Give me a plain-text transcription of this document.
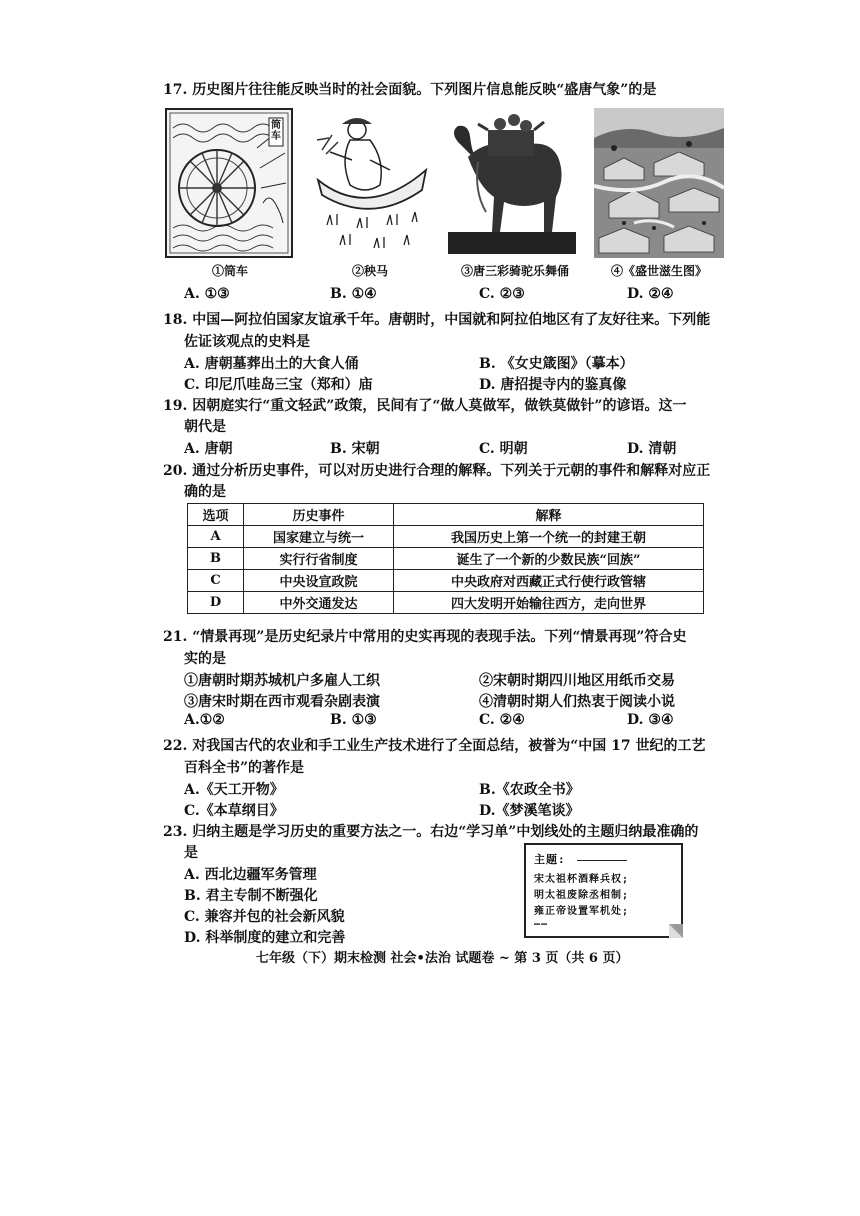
17. 历史图片往往能反映当时的社会面貌。下列图片信息能反映“盛唐气象”的是
筒车
①筒车	②秧马	③唐三彩骑驼乐舞俑	④《盛世滋生图》
A. ①③	B. ①④	C. ②③	D. ②④
18. 中国—阿拉伯国家友谊承千年。唐朝时，中国就和阿拉伯地区有了友好往来。下列能
佐证该观点的史料是
A. 唐朝墓葬出土的大食人俑	B. 《女史箴图》（摹本）
C. 印尼爪哇岛三宝（郑和）庙	D. 唐招提寺内的鉴真像
19. 因朝庭实行“重文轻武”政策，民间有了“做人莫做军，做铁莫做针”的谚语。这一
朝代是
A. 唐朝	B. 宋朝	C. 明朝	D. 清朝
20. 通过分析历史事件，可以对历史进行合理的解释。下列关于元朝的事件和解释对应正
确的是
选项	历史事件	解释
A	国家建立与统一	我国历史上第一个统一的封建王朝
B	实行行省制度	诞生了一个新的少数民族“回族”
C	中央设宣政院	中央政府对西藏正式行使行政管辖
D	中外交通发达	四大发明开始输往西方，走向世界
21. “情景再现”是历史纪录片中常用的史实再现的表现手法。下列“情景再现”符合史
实的是
①唐朝时期苏城机户多雇人工织	②宋朝时期四川地区用纸币交易
③唐宋时期在西市观看杂剧表演	④清朝时期人们热衷于阅读小说
A.①②	B. ①③	C. ②④	D. ③④
22. 对我国古代的农业和手工业生产技术进行了全面总结，被誉为“中国 17 世纪的工艺
百科全书”的著作是
A.《天工开物》	B.《农政全书》
C.《本草纲目》	D.《梦溪笔谈》
23. 归纳主题是学习历史的重要方法之一。右边“学习单”中划线处的主题归纳最准确的
是
A. 西北边疆军务管理
B. 君主专制不断强化
C. 兼容并包的社会新风貌
D. 科举制度的建立和完善
主题:
宋太祖杯酒释兵权;
明太祖废除丞相制;
雍正帝设置军机处;
……
七年级（下）期末检测 社会•法治 试题卷 ~ 第 3 页（共 6 页）
